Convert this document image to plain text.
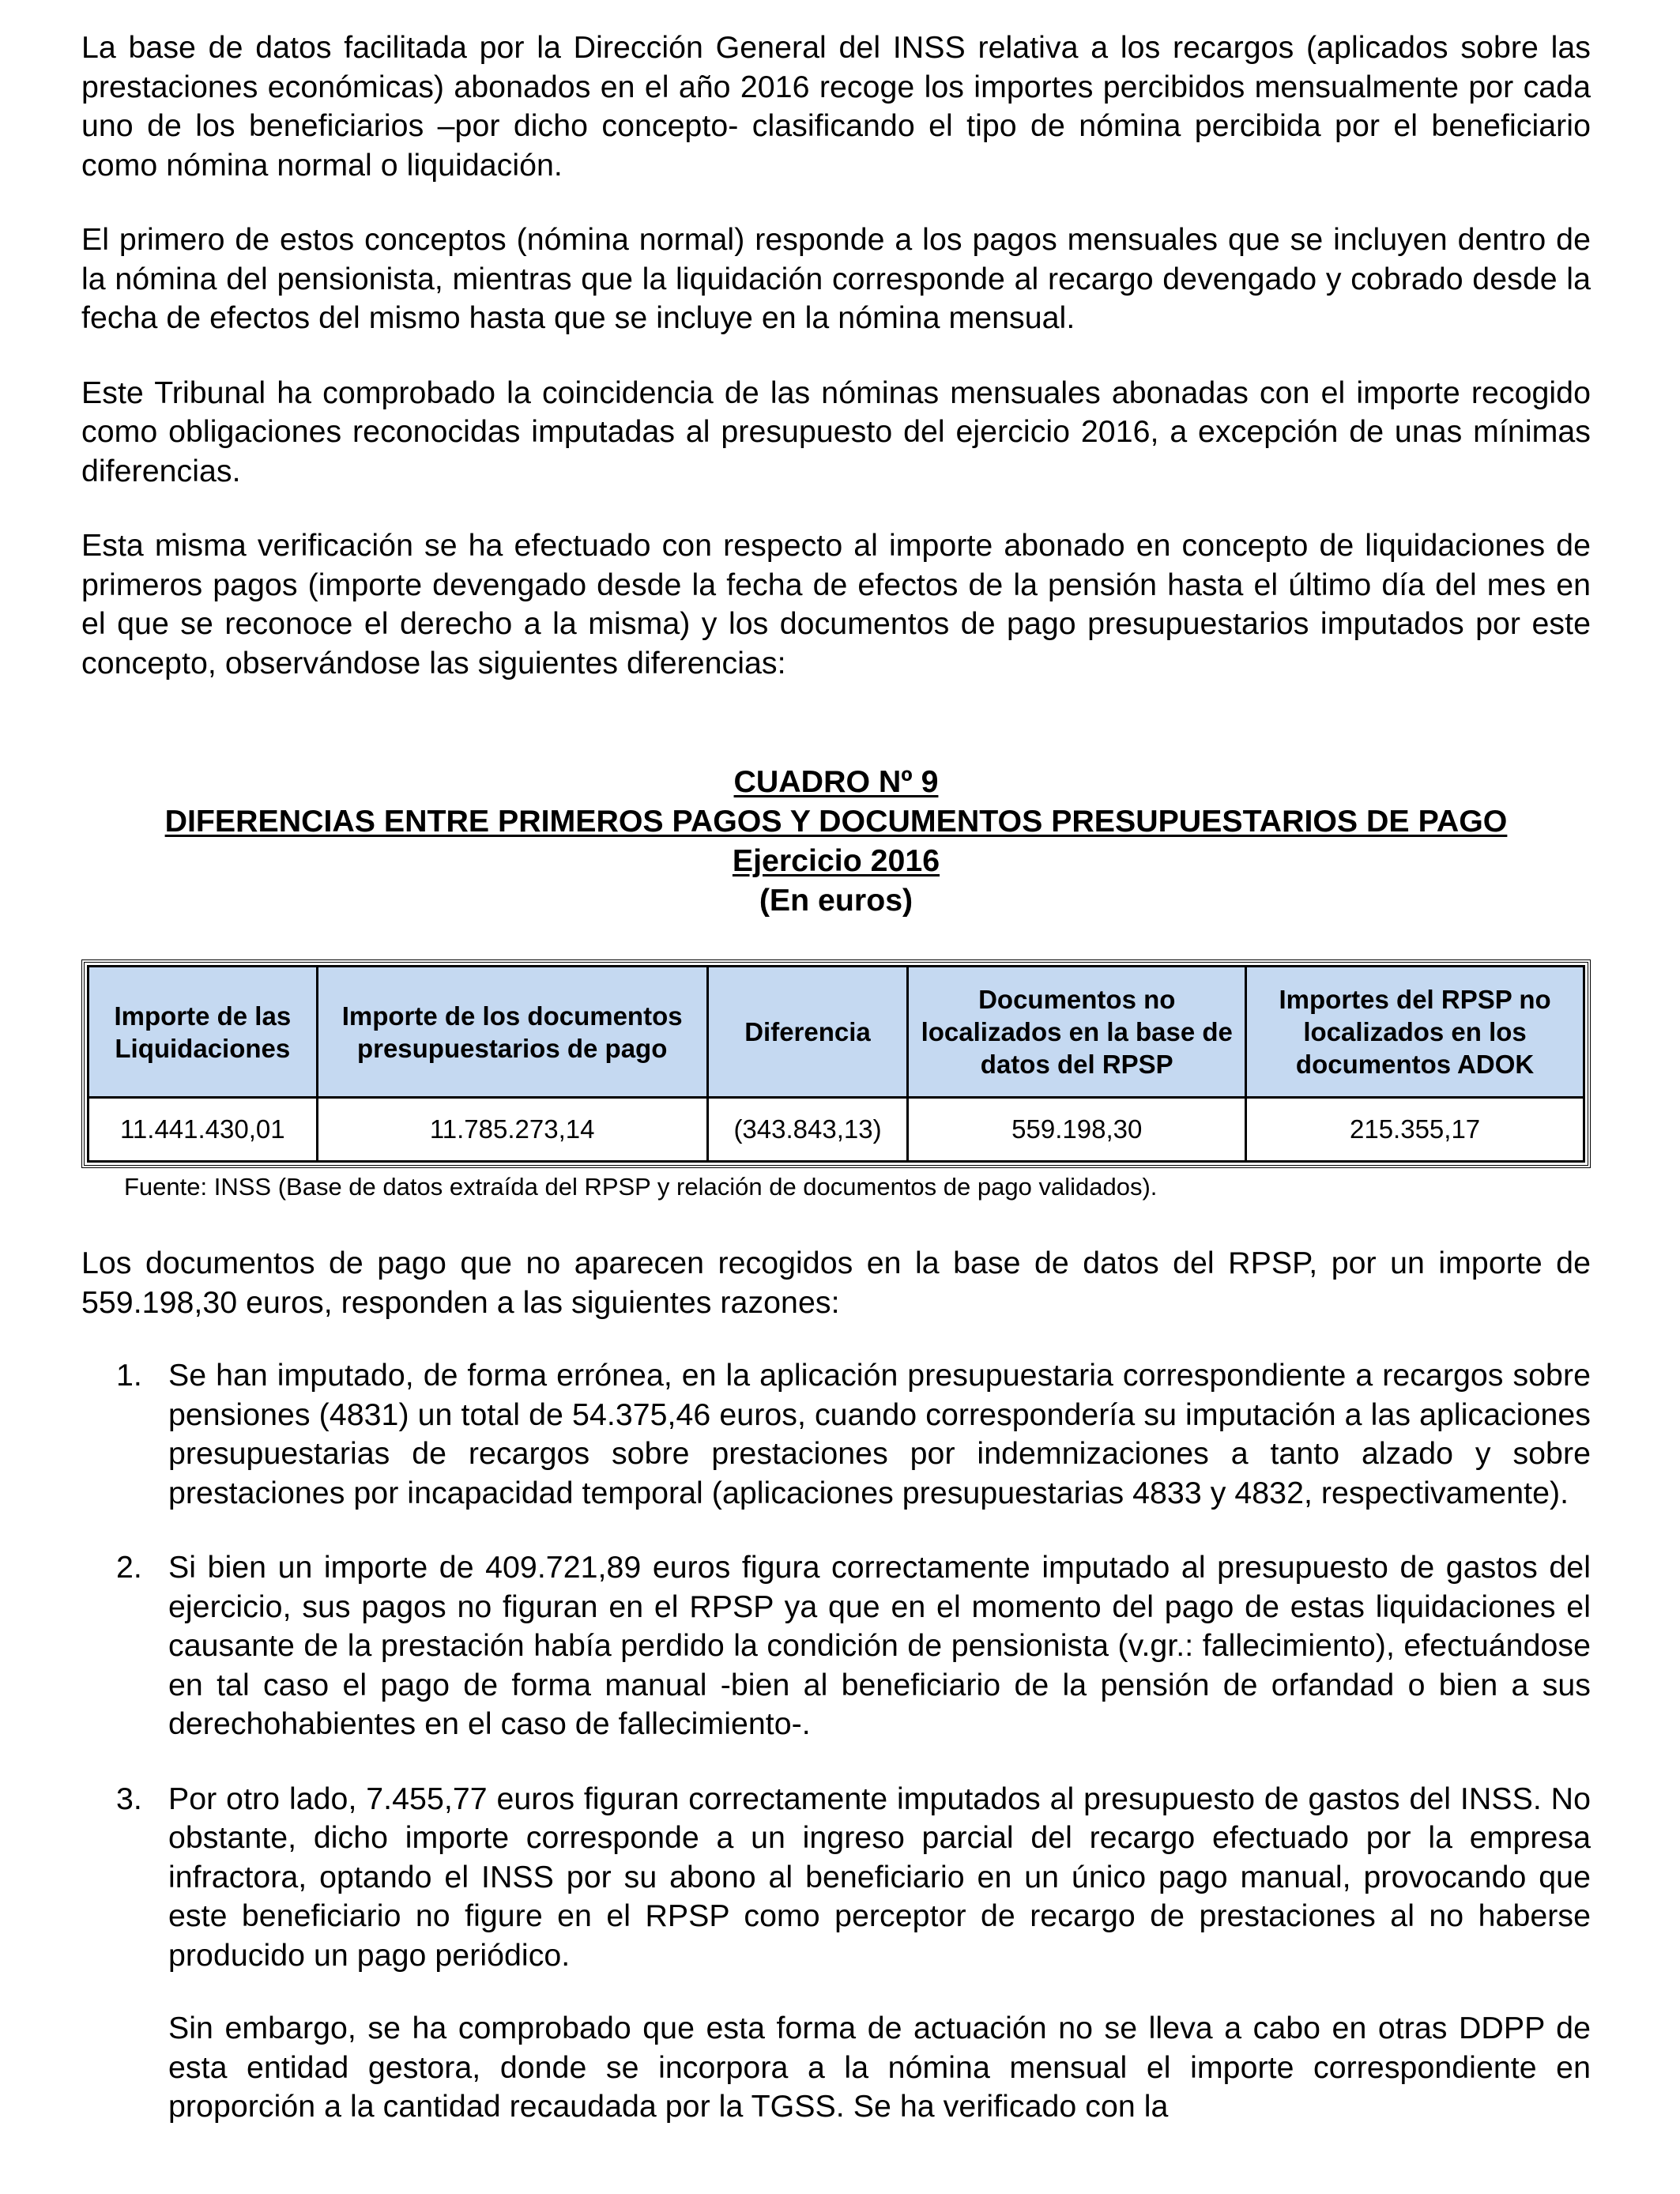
La base de datos facilitada por la Dirección General del INSS relativa a los recargos (aplicados sobre las prestaciones económicas) abonados en el año 2016 recoge los importes percibidos mensualmente por cada uno de los beneficiarios –por dicho concepto- clasificando el tipo de nómina percibida por el beneficiario como nómina normal o liquidación.

El primero de estos conceptos (nómina normal) responde a los pagos mensuales que se incluyen dentro de la nómina del pensionista, mientras que la liquidación corresponde al recargo devengado y cobrado desde la fecha de efectos del mismo hasta que se incluye en la nómina mensual.

Este Tribunal ha comprobado la coincidencia de las nóminas mensuales abonadas con el importe recogido como obligaciones reconocidas imputadas al presupuesto del ejercicio 2016, a excepción de unas mínimas diferencias.

Esta misma verificación se ha efectuado con respecto al importe abonado en concepto de liquidaciones de primeros pagos (importe devengado desde la fecha de efectos de la pensión hasta el último día del mes en el que se reconoce el derecho a la misma) y los documentos de pago presupuestarios imputados por este concepto, observándose las siguientes diferencias:

CUADRO Nº 9
DIFERENCIAS ENTRE PRIMEROS PAGOS Y DOCUMENTOS PRESUPUESTARIOS DE PAGO
Ejercicio 2016
(En euros)
Importe de las Liquidaciones	Importe de los documentos presupuestarios de pago	Diferencia	Documentos no localizados en la base de datos del RPSP	Importes del RPSP no localizados en los documentos ADOK
11.441.430,01	11.785.273,14	(343.843,13)	559.198,30	215.355,17
Fuente: INSS (Base de datos extraída del RPSP y relación de documentos de pago validados).

Los documentos de pago que no aparecen recogidos en la base de datos del RPSP, por un importe de 559.198,30 euros, responden a las siguientes razones:

1. Se han imputado, de forma errónea, en la aplicación presupuestaria correspondiente a recargos sobre pensiones (4831) un total de 54.375,46 euros, cuando correspondería su imputación a las aplicaciones presupuestarias de recargos sobre prestaciones por indemnizaciones a tanto alzado y sobre prestaciones por incapacidad temporal (aplicaciones presupuestarias 4833 y 4832, respectivamente).

2. Si bien un importe de 409.721,89 euros figura correctamente imputado al presupuesto de gastos del ejercicio, sus pagos no figuran en el RPSP ya que en el momento del pago de estas liquidaciones el causante de la prestación había perdido la condición de pensionista (v.gr.: fallecimiento), efectuándose en tal caso el pago de forma manual -bien al beneficiario de la pensión de orfandad o bien a sus derechohabientes en el caso de fallecimiento-.

3. Por otro lado, 7.455,77 euros figuran correctamente imputados al presupuesto de gastos del INSS. No obstante, dicho importe corresponde a un ingreso parcial del recargo efectuado por la empresa infractora, optando el INSS por su abono al beneficiario en un único pago manual, provocando que este beneficiario no figure en el RPSP como perceptor de recargo de prestaciones al no haberse producido un pago periódico.

Sin embargo, se ha comprobado que esta forma de actuación no se lleva a cabo en otras DDPP de esta entidad gestora, donde se incorpora a la nómina mensual el importe correspondiente en proporción a la cantidad recaudada por la TGSS. Se ha verificado con la
